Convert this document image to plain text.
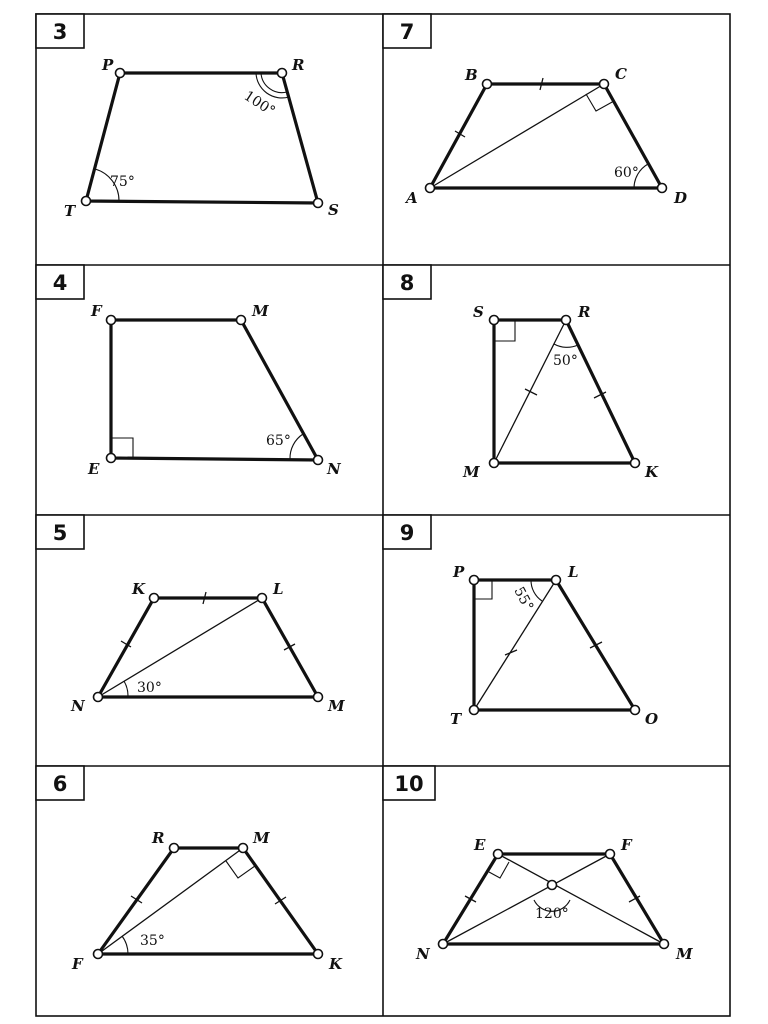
3
P	R
S
T
100°
75°
7
A
B	C
D
60°
4
F	M
N
E
65°
8
S	R
K
M
50°
5
K	L
M
N
30°
9
P	L
O
T
55°
6
R	M
K
F
35°
10
E	F
M
N
120°
